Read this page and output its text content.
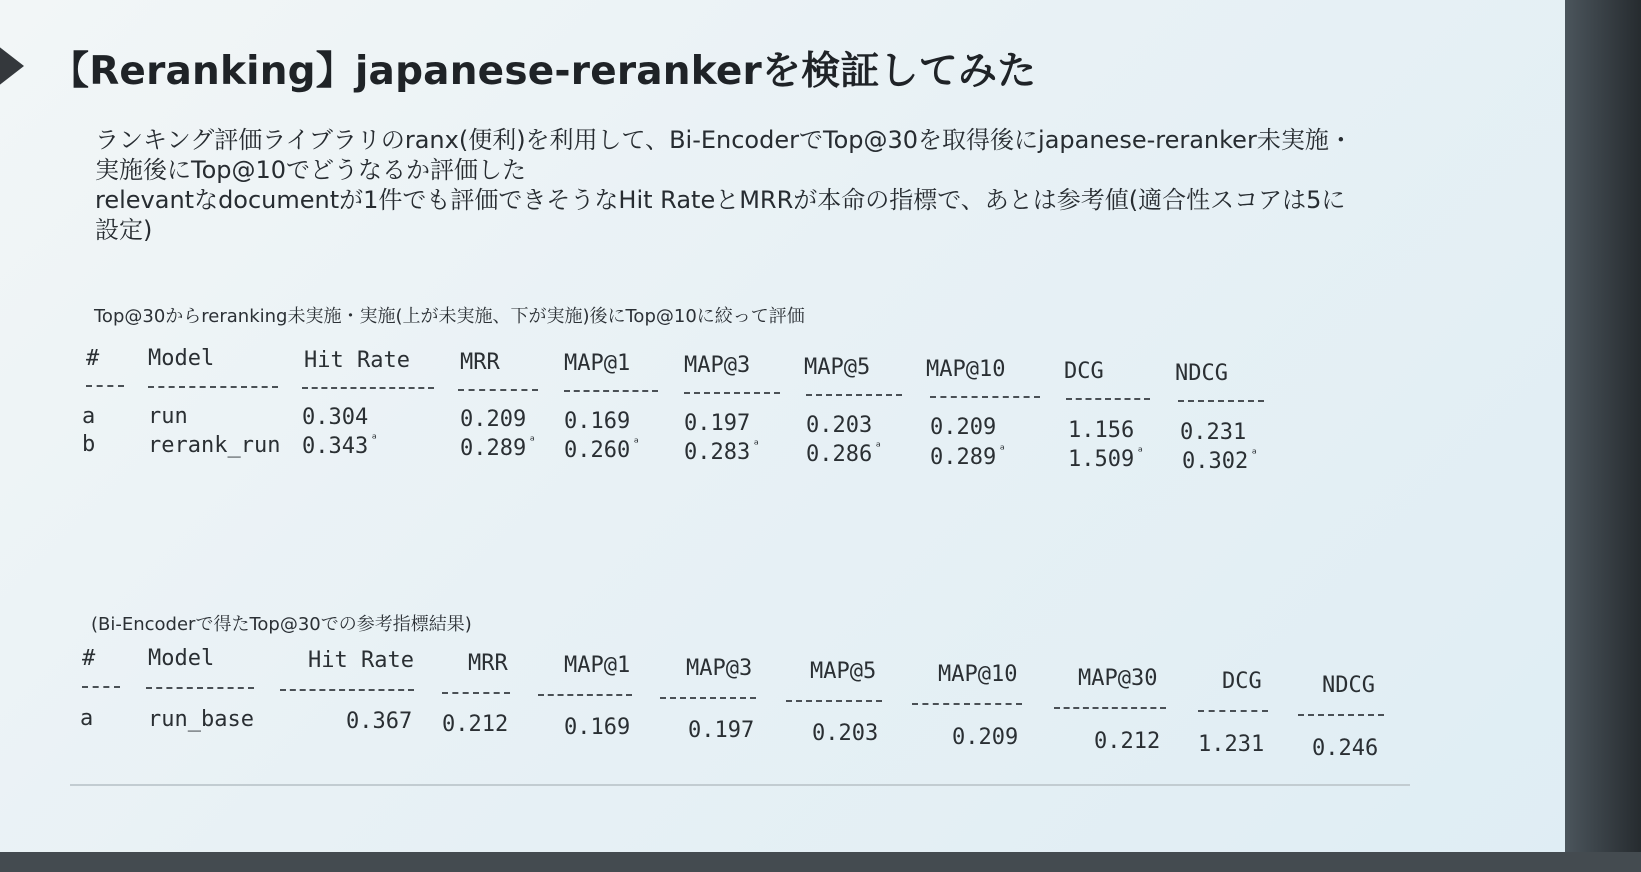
【Reranking】japanese-rerankerを検証してみた

ランキング評価ライブラリのranx(便利)を利用して、Bi-EncoderでTop@30を取得後にjapanese-reranker未実施・

実施後にTop@10でどうなるか評価した

relevantなdocumentが1件でも評価できそうなHit RateとMRRが本命の指標で、あとは参考値(適合性スコアは5に

設定)

Top@30からreranking未実施・実施(上が未実施、下が実施)後にTop@10に絞って評価
# Model	Hit Rate MRR	MAP@1 MAP@3 MAP@5	MAP@10	DCG	NDCG
a run	0.304	0.209 0.169 0.197	0.203	0.209	1.156 0.231
b rerank_run 0.343 $^ᵃ$	0.289 $^ᵃ$ 0.260 $^ᵃ$ 0.283 $^ᵃ$ 0.286 $^ᵃ$ 0.289 $^ᵃ$	1.509 $^ᵃ$ 0.302 $^ᵃ$
(Bi-Encoderで得たTop@30での参考指標結果)
# Model	Hit Rate MRR	MAP@1	MAP@3	MAP@5	MAP@10	MAP@30	DCG	NDCG
a run_base	0.367 0.212	0.169	0.197	0.203	0.209	0.212 1.231 0.246
